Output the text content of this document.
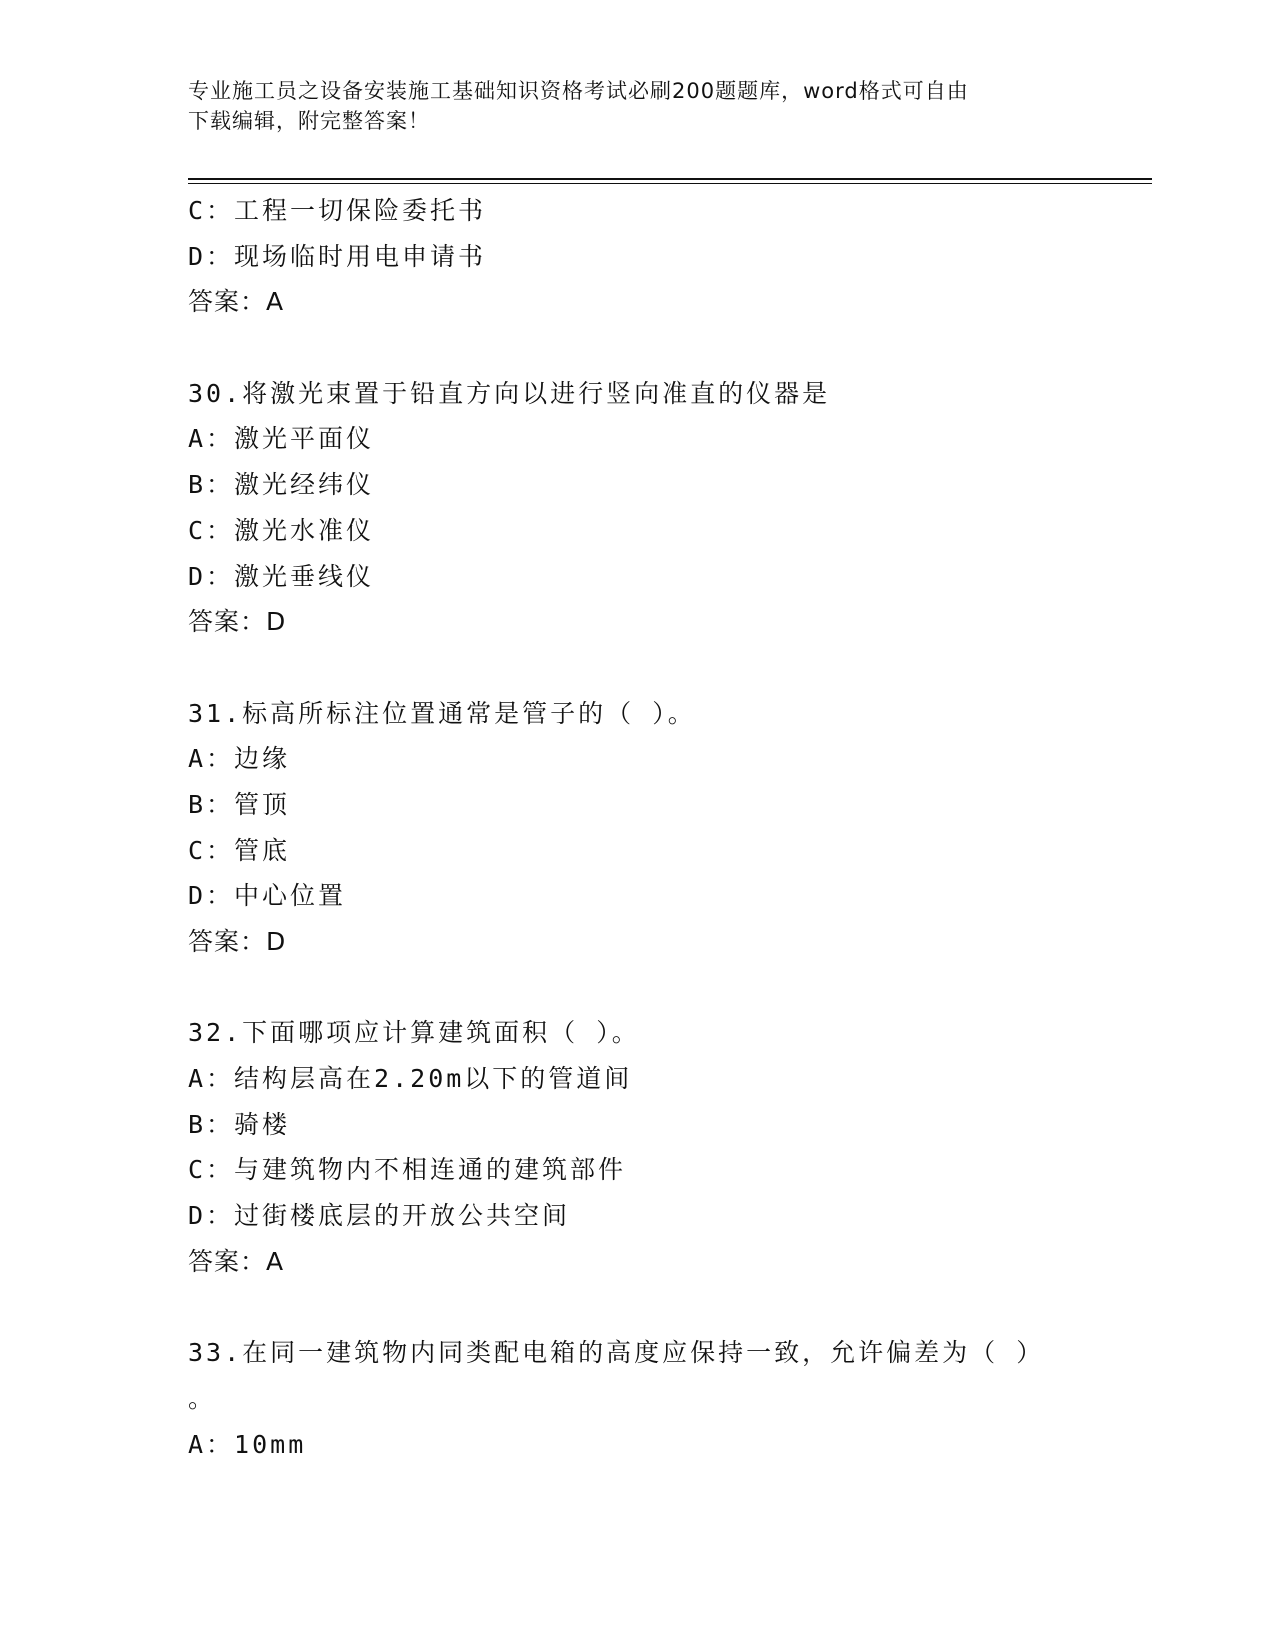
专业施工员之设备安装施工基础知识资格考试必刷200题题库，word格式可自由
下载编辑，附完整答案！
C：工程一切保险委托书
D：现场临时用电申请书
答案：A
30.将激光束置于铅直方向以进行竖向准直的仪器是
A：激光平面仪
B：激光经纬仪
C：激光水准仪
D：激光垂线仪
答案：D
31.标高所标注位置通常是管子的（ ）。
A：边缘
B：管顶
C：管底
D：中心位置
答案：D
32.下面哪项应计算建筑面积（ ）。
A：结构层高在2.20m以下的管道间
B：骑楼
C：与建筑物内不相连通的建筑部件
D：过街楼底层的开放公共空间
答案：A
33.在同一建筑物内同类配电箱的高度应保持一致，允许偏差为（ ）
。
A：10mm
